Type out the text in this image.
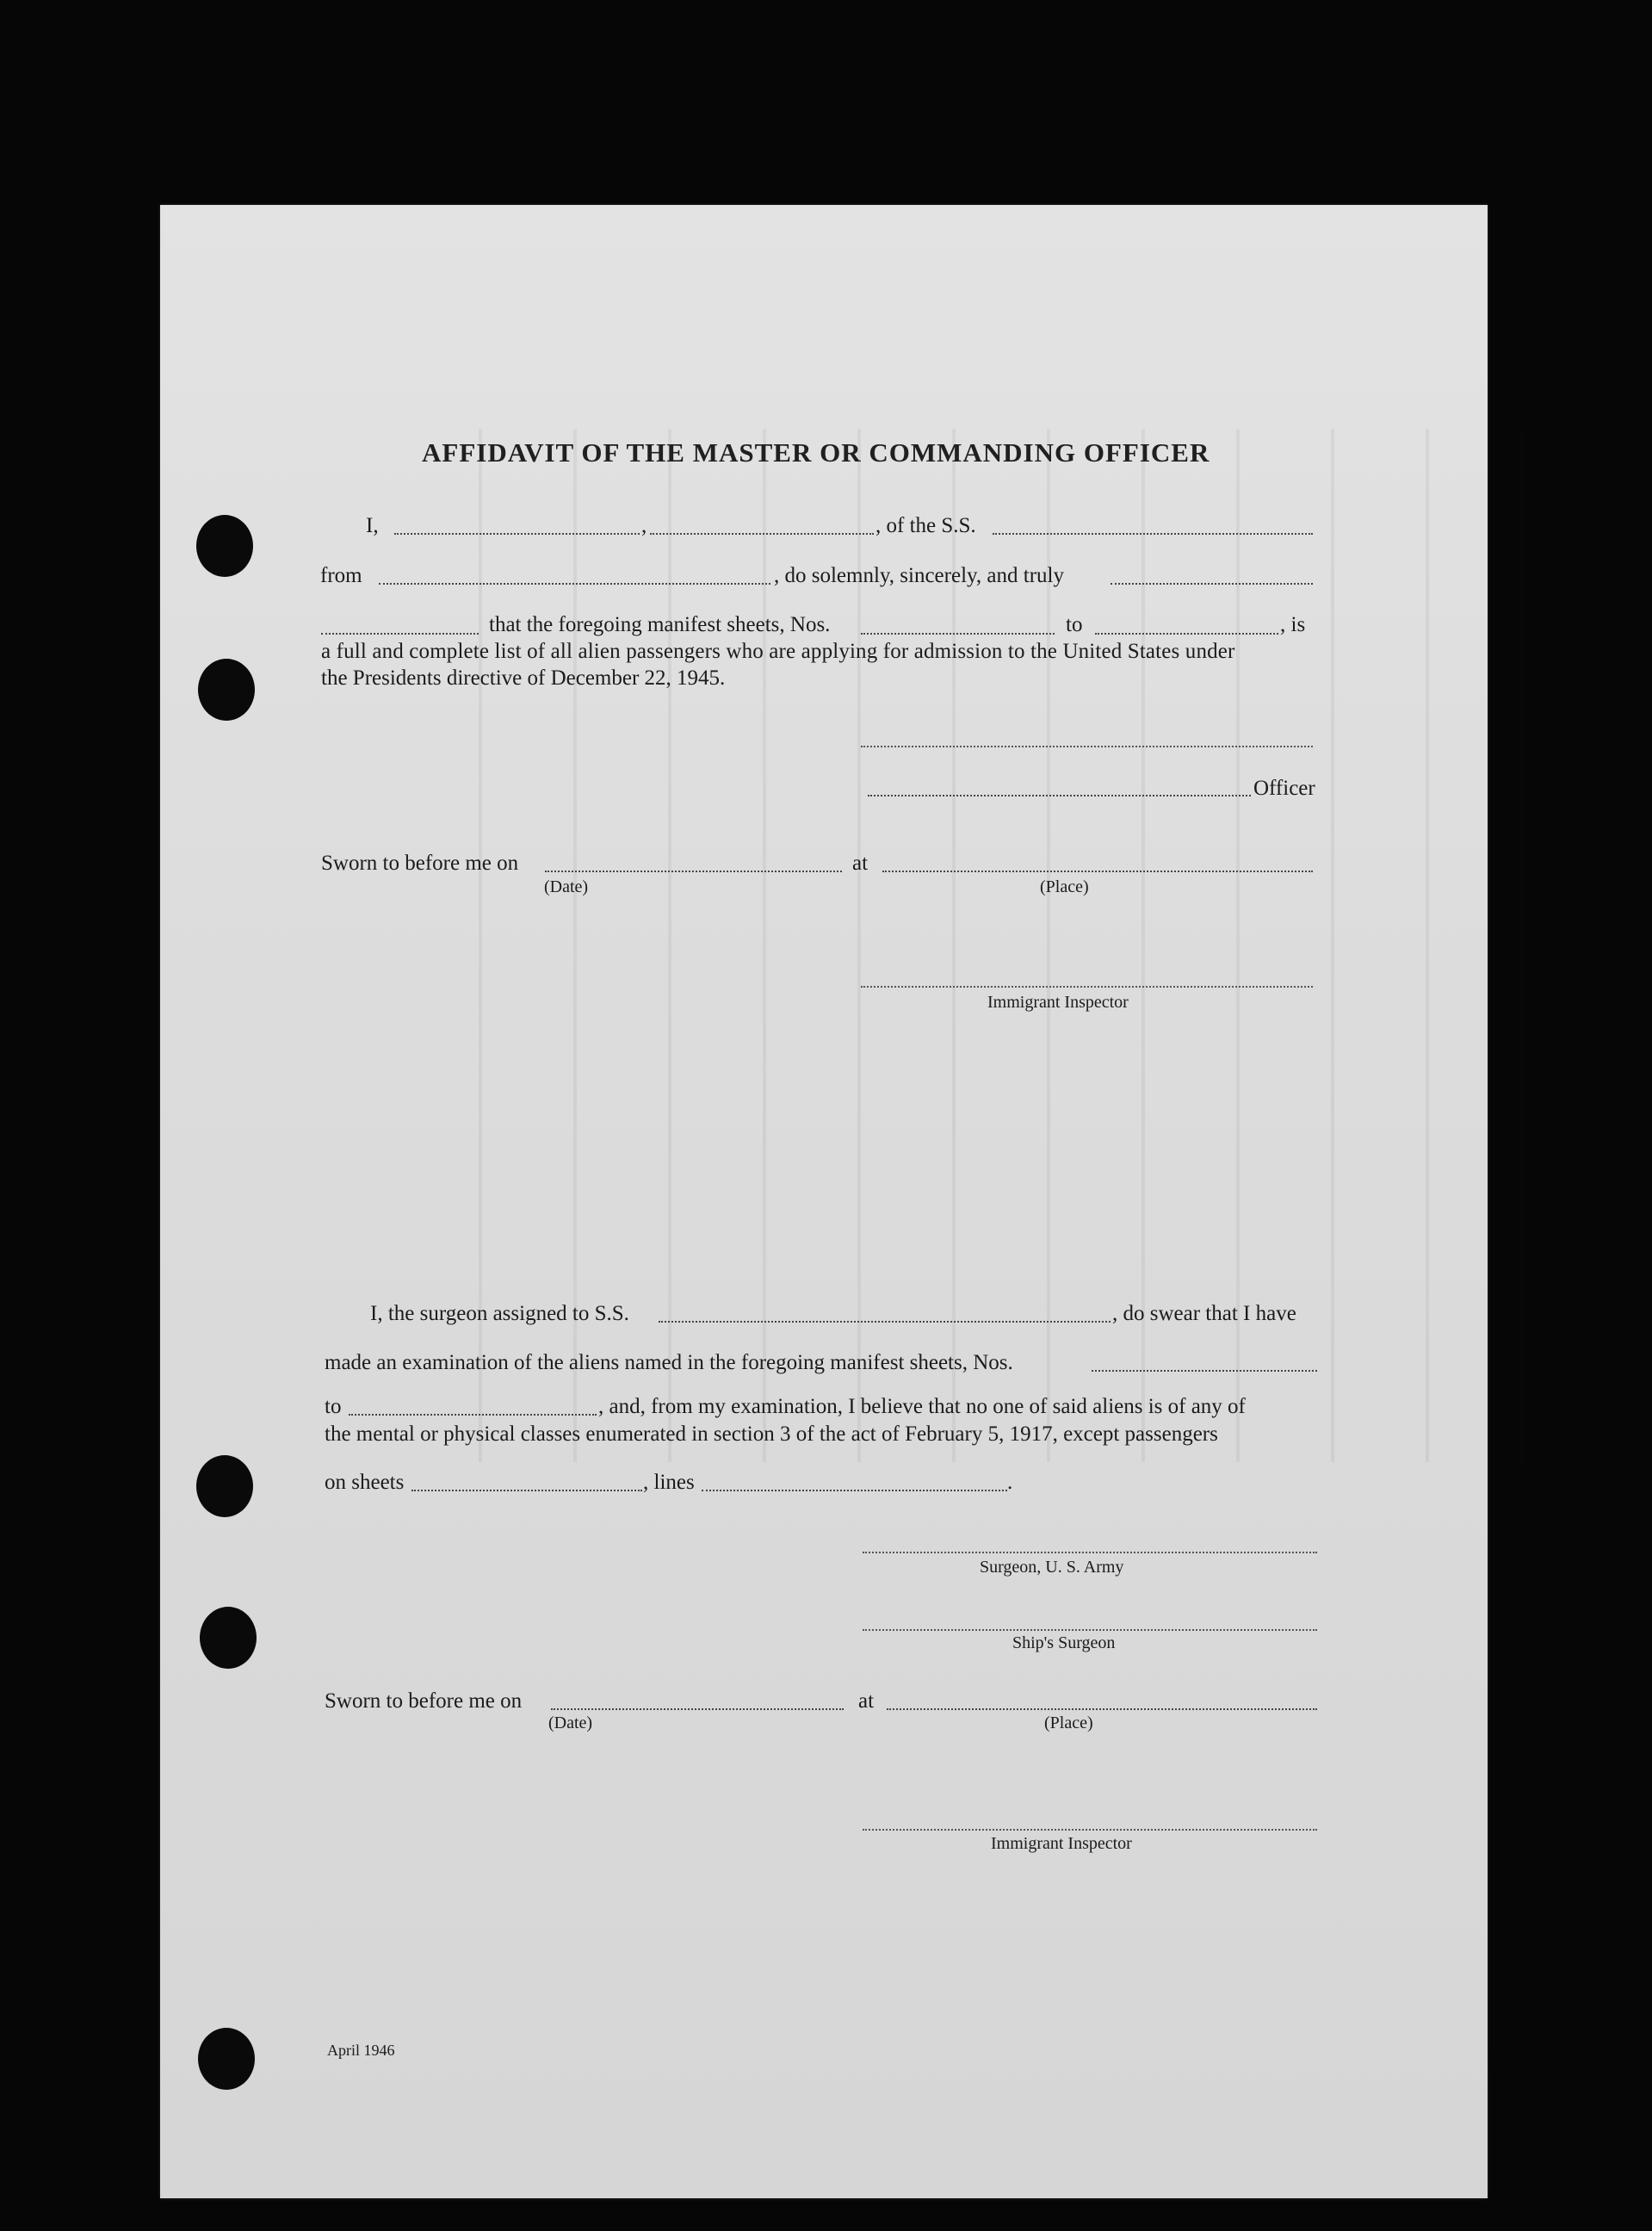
AFFIDAVIT OF THE MASTER OR COMMANDING OFFICER
I,	,	, of the S.S.
from	, do solemnly, sincerely, and truly
that the foregoing manifest sheets, Nos.	to	, is
a full and complete list of all alien passengers who are applying for admission to the United States under
the Presidents directive of December 22, 1945.
Officer
Sworn to before me on	at
(Date)	(Place)
Immigrant Inspector
I, the surgeon assigned to S.S.	, do swear that I have
made an examination of the aliens named in the foregoing manifest sheets, Nos.
to	, and, from my examination, I believe that no one of said aliens is of any of
the mental or physical classes enumerated in section 3 of the act of February 5, 1917, except passengers
on sheets	, lines	.
Surgeon, U. S. Army
Ship's Surgeon
Sworn to before me on	at
(Date)	(Place)
Immigrant Inspector
April 1946
